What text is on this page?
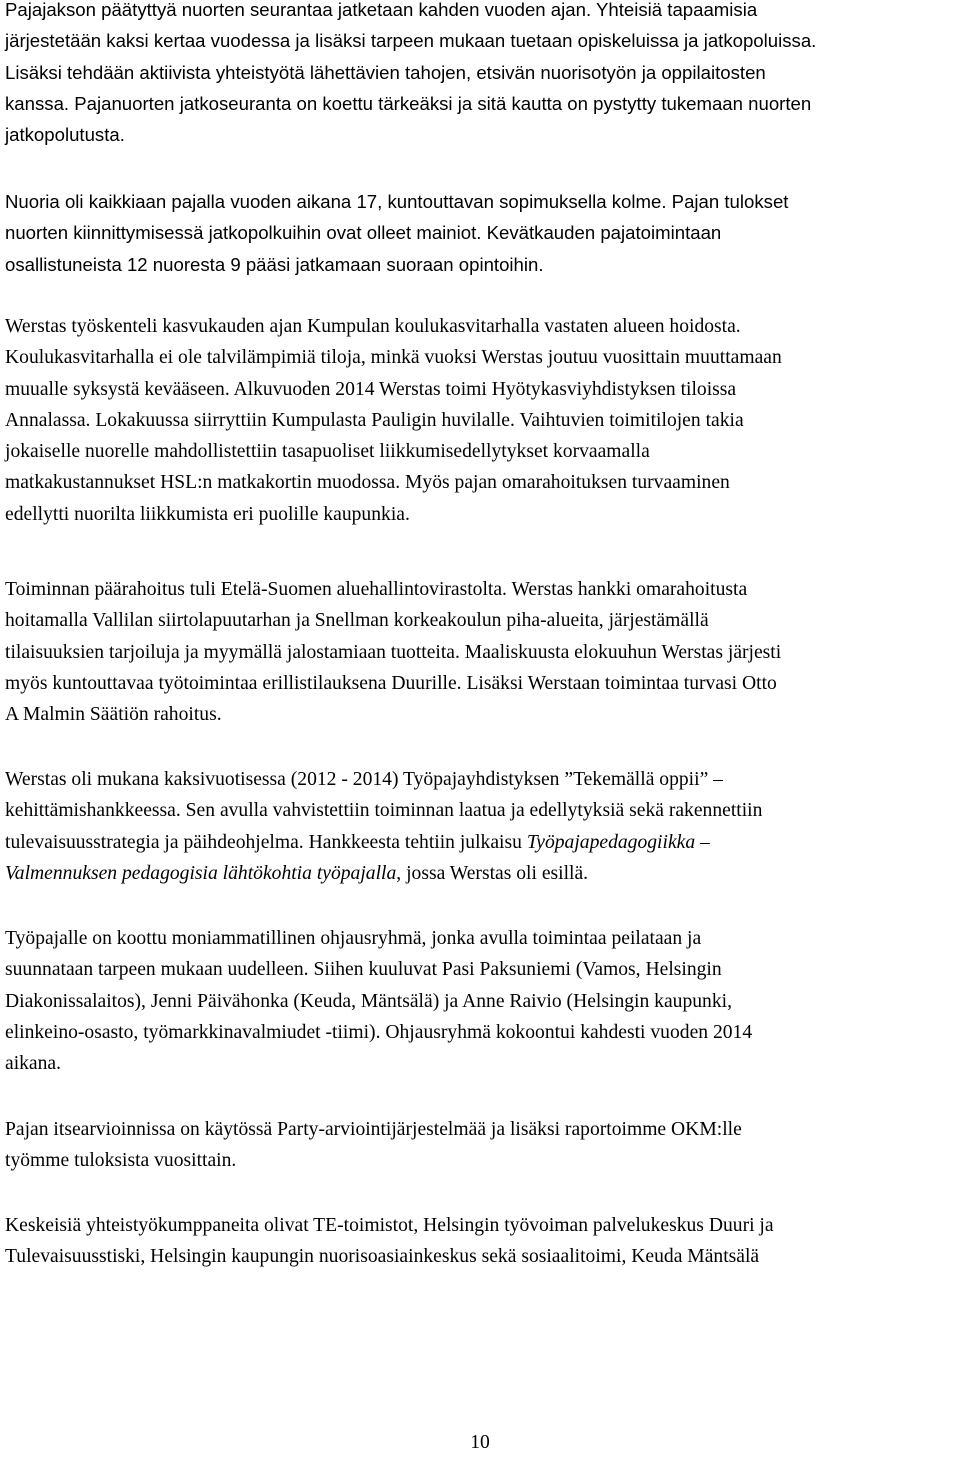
Pajajakson päätyttyä nuorten seurantaa jatketaan kahden vuoden ajan. Yhteisiä tapaamisia
järjestetään kaksi kertaa vuodessa ja lisäksi tarpeen mukaan tuetaan opiskeluissa ja jatkopoluissa.
Lisäksi tehdään aktiivista yhteistyötä lähettävien tahojen, etsivän nuorisotyön ja oppilaitosten
kanssa. Pajanuorten jatkoseuranta on koettu tärkeäksi ja sitä kautta on pystytty tukemaan nuorten
jatkopolutusta.

Nuoria oli kaikkiaan pajalla vuoden aikana 17, kuntouttavan sopimuksella kolme. Pajan tulokset
nuorten kiinnittymisessä jatkopolkuihin ovat olleet mainiot. Kevätkauden pajatoimintaan
osallistuneista 12 nuoresta 9 pääsi jatkamaan suoraan opintoihin.

Werstas työskenteli kasvukauden ajan Kumpulan koulukasvitarhalla vastaten alueen hoidosta.
Koulukasvitarhalla ei ole talvilämpimiä tiloja, minkä vuoksi Werstas joutuu vuosittain muuttamaan
muualle syksystä kevääseen. Alkuvuoden 2014 Werstas toimi Hyötykasviyhdistyksen tiloissa
Annalassa. Lokakuussa siirryttiin Kumpulasta Pauligin huvilalle. Vaihtuvien toimitilojen takia
jokaiselle nuorelle mahdollistettiin tasapuoliset liikkumisedellytykset korvaamalla
matkakustannukset HSL:n matkakortin muodossa. Myös pajan omarahoituksen turvaaminen
edellytti nuorilta liikkumista eri puolille kaupunkia.

Toiminnan päärahoitus tuli Etelä-Suomen aluehallintovirastolta. Werstas hankki omarahoitusta
hoitamalla Vallilan siirtolapuutarhan ja Snellman korkeakoulun piha-alueita, järjestämällä
tilaisuuksien tarjoiluja ja myymällä jalostamiaan tuotteita. Maaliskuusta elokuuhun Werstas järjesti
myös kuntouttavaa työtoimintaa erillistilauksena Duurille. Lisäksi Werstaan toimintaa turvasi Otto
A Malmin Säätiön rahoitus.

Werstas oli mukana kaksivuotisessa (2012 - 2014) Työpajayhdistyksen ”Tekemällä oppii” –
kehittämishankkeessa. Sen avulla vahvistettiin toiminnan laatua ja edellytyksiä sekä rakennettiin
tulevaisuusstrategia ja päihdeohjelma. Hankkeesta tehtiin julkaisu Työpajapedagogiikka –
Valmennuksen pedagogisia lähtökohtia työpajalla, jossa Werstas oli esillä.

Työpajalle on koottu moniammatillinen ohjausryhmä, jonka avulla toimintaa peilataan ja
suunnataan tarpeen mukaan uudelleen. Siihen kuuluvat Pasi Paksuniemi (Vamos, Helsingin
Diakonissalaitos), Jenni Päivähonka (Keuda, Mäntsälä) ja Anne Raivio (Helsingin kaupunki,
elinkeino-osasto, työmarkkinavalmiudet -tiimi). Ohjausryhmä kokoontui kahdesti vuoden 2014
aikana.

Pajan itsearvioinnissa on käytössä Party-arviointijärjestelmää ja lisäksi raportoimme OKM:lle
työmme tuloksista vuosittain.

Keskeisiä yhteistyökumppaneita olivat TE-toimistot, Helsingin työvoiman palvelukeskus Duuri ja
Tulevaisuusstiski, Helsingin kaupungin nuorisoasiainkeskus sekä sosiaalitoimi, Keuda Mäntsälä

10
